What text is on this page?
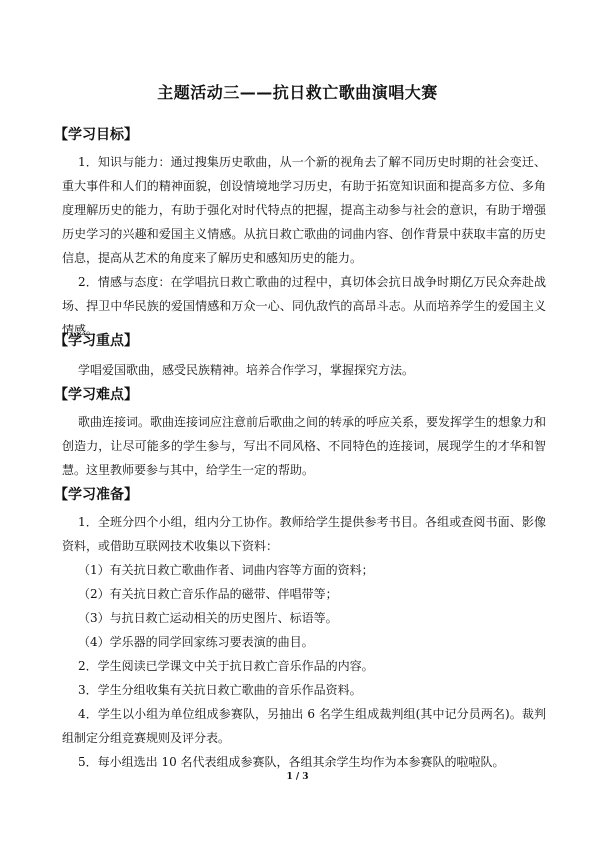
主题活动三——抗日救亡歌曲演唱大赛
【学习目标】
1．知识与能力：通过搜集历史歌曲，从一个新的视角去了解不同历史时期的社会变迁、重大事件和人们的精神面貌，创设情境地学习历史，有助于拓宽知识面和提高多方位、多角度理解历史的能力，有助于强化对时代特点的把握，提高主动参与社会的意识，有助于增强历史学习的兴趣和爱国主义情感。从抗日救亡歌曲的词曲内容、创作背景中获取丰富的历史信息，提高从艺术的角度来了解历史和感知历史的能力。
2．情感与态度：在学唱抗日救亡歌曲的过程中，真切体会抗日战争时期亿万民众奔赴战场、捍卫中华民族的爱国情感和万众一心、同仇敌忾的高昂斗志。从而培养学生的爱国主义情感。
【学习重点】
学唱爱国歌曲，感受民族精神。培养合作学习，掌握探究方法。
【学习难点】
歌曲连接词。歌曲连接词应注意前后歌曲之间的转承的呼应关系，要发挥学生的想象力和创造力，让尽可能多的学生参与，写出不同风格、不同特色的连接词，展现学生的才华和智慧。这里教师要参与其中，给学生一定的帮助。
【学习准备】
1．全班分四个小组，组内分工协作。教师给学生提供参考书目。各组或查阅书面、影像资料，或借助互联网技术收集以下资料：
（1）有关抗日救亡歌曲作者、词曲内容等方面的资料；
（2）有关抗日救亡音乐作品的磁带、伴唱带等；
（3）与抗日救亡运动相关的历史图片、标语等。
（4）学乐器的同学回家练习要表演的曲目。
2．学生阅读已学课文中关于抗日救亡音乐作品的内容。
3．学生分组收集有关抗日救亡歌曲的音乐作品资料。
4．学生以小组为单位组成参赛队，另抽出 6 名学生组成裁判组(其中记分员两名)。裁判组制定分组竞赛规则及评分表。
5．每小组选出 10 名代表组成参赛队，各组其余学生均作为本参赛队的啦啦队。
1 / 3
